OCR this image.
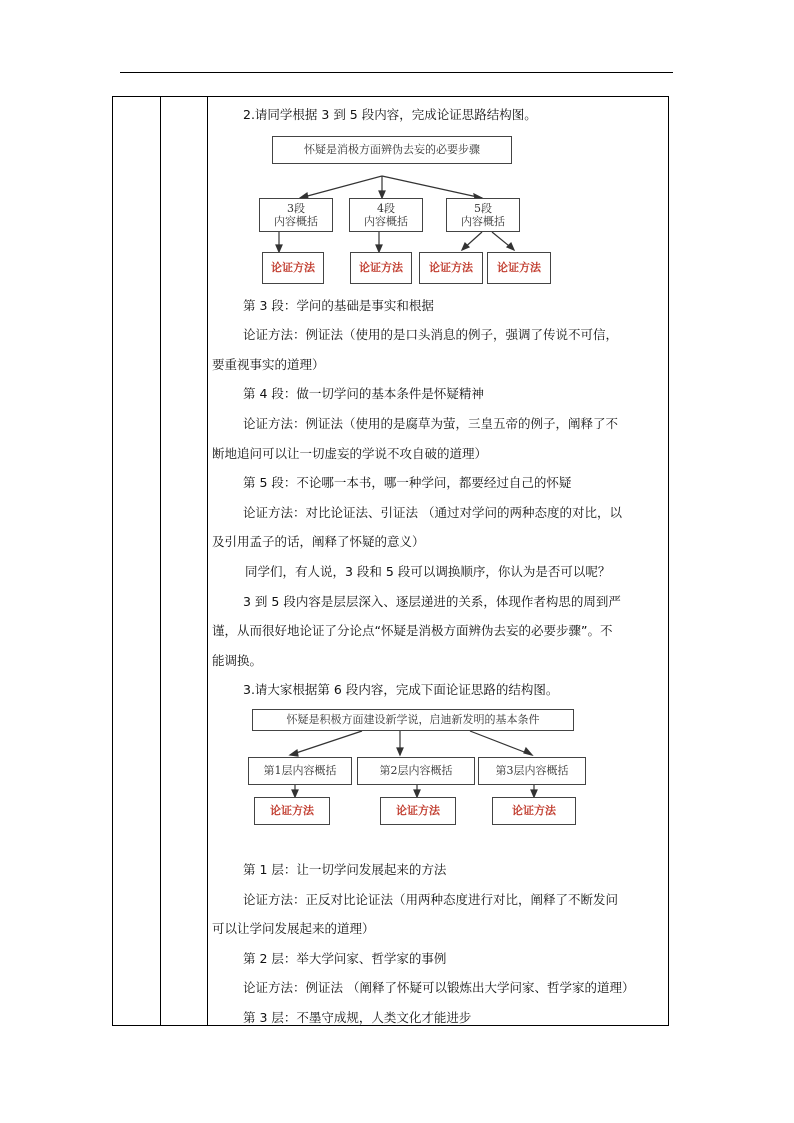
2.请同学根据 3 到 5 段内容，完成论证思路结构图。

怀疑是消极方面辨伪去妄的必要步骤
3段
内容概括
4段
内容概括
5段
内容概括
论证方法	论证方法	论证方法	论证方法

第 3 段：学问的基础是事实和根据

论证方法：例证法（使用的是口头消息的例子，强调了传说不可信，

要重视事实的道理）

第 4 段：做一切学问的基本条件是怀疑精神

论证方法：例证法（使用的是腐草为萤，三皇五帝的例子，阐释了不

断地追问可以让一切虚妄的学说不攻自破的道理）

第 5 段：不论哪一本书，哪一种学问，都要经过自己的怀疑

论证方法：对比论证法、引证法 （通过对学问的两种态度的对比，以

及引用孟子的话，阐释了怀疑的意义）

同学们，有人说，3 段和 5 段可以调换顺序，你认为是否可以呢？

3 到 5 段内容是层层深入、逐层递进的关系，体现作者构思的周到严

谨，从而很好地论证了分论点“怀疑是消极方面辨伪去妄的必要步骤”。不

能调换。

3.请大家根据第 6 段内容，完成下面论证思路的结构图。

怀疑是积极方面建设新学说，启迪新发明的基本条件
第1层内容概括	第2层内容概括	第3层内容概括
论证方法	论证方法	论证方法

第 1 层：让一切学问发展起来的方法

论证方法：正反对比论证法（用两种态度进行对比，阐释了不断发问

可以让学问发展起来的道理）

第 2 层：举大学问家、哲学家的事例

论证方法：例证法 （阐释了怀疑可以锻炼出大学问家、哲学家的道理）

第 3 层：不墨守成规，人类文化才能进步
